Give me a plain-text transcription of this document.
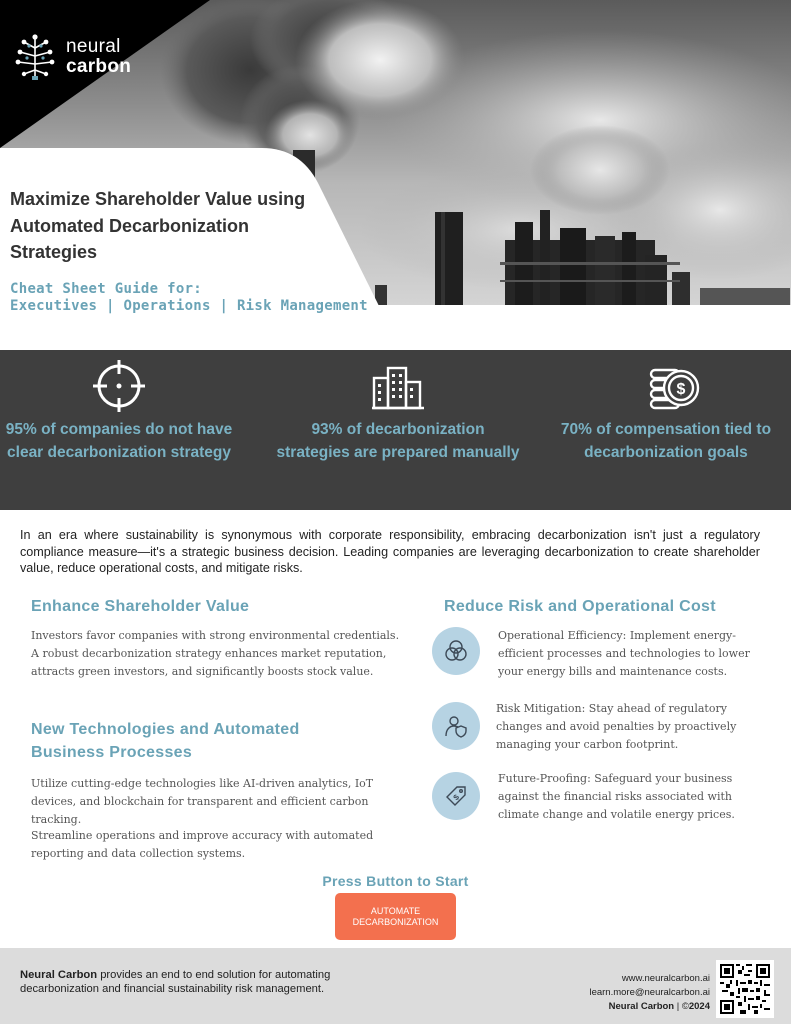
neural
carbon
Maximize Shareholder Value using Automated Decarbonization Strategies
Cheat Sheet Guide for:
Executives | Operations | Risk Management
95% of companies do not have clear decarbonization strategy
93% of decarbonization strategies are prepared manually
$
70% of compensation tied to decarbonization goals
In an era where sustainability is synonymous with corporate responsibility, embracing decarbonization isn't just a regulatory compliance measure—it's a strategic business decision. Leading companies are leveraging decarbonization to create shareholder value, reduce operational costs, and mitigate risks.
Enhance Shareholder Value
Investors favor companies with strong environmental credentials. A robust decarbonization strategy enhances market reputation, attracts green investors, and significantly boosts stock value.
New Technologies and Automated Business Processes
Utilize cutting-edge technologies like AI-driven analytics, IoT devices, and blockchain for transparent and efficient carbon tracking.
Streamline operations and improve accuracy with automated reporting and data collection systems.
Reduce Risk and Operational Cost
Operational Efficiency: Implement energy-efficient processes and technologies to lower your energy bills and maintenance costs.
Risk Mitigation: Stay ahead of regulatory changes and avoid penalties by proactively managing your carbon footprint.
$
Future-Proofing: Safeguard your business against the financial risks associated with climate change and volatile energy prices.
Press Button to Start
AUTOMATE
DECARBONIZATION
Neural Carbon provides an end to end solution for automating decarbonization and financial sustainability risk management.
www.neuralcarbon.ai
learn.more@neuralcarbon.ai
Neural Carbon | ©2024
